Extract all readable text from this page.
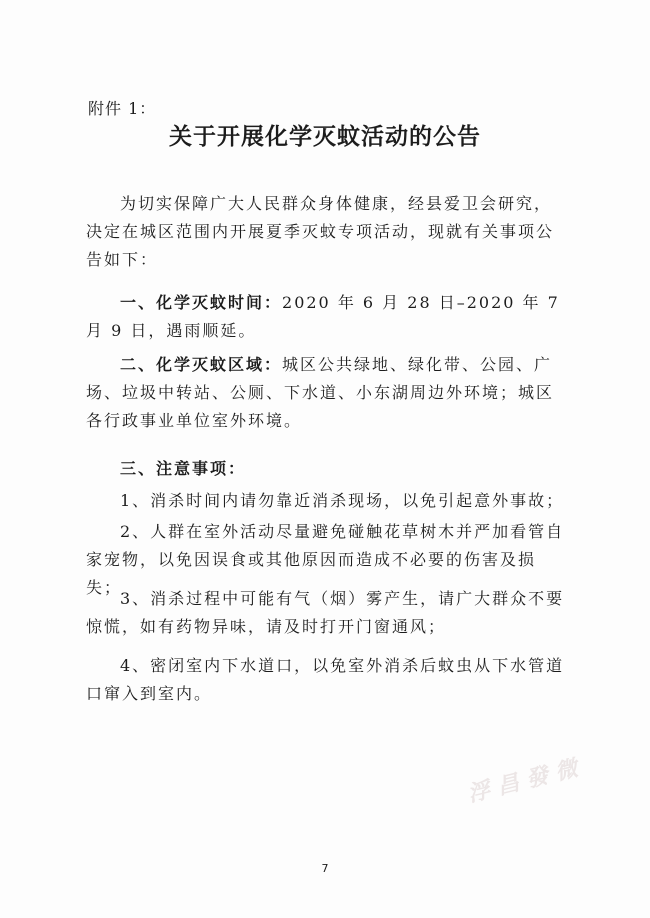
附件 1：
关于开展化学灭蚊活动的公告

为切实保障广大人民群众身体健康，经县爱卫会研究，决定在城区范围内开展夏季灭蚊专项活动，现就有关事项公告如下：

一、化学灭蚊时间：2020 年 6 月 28 日–2020 年 7 月 9 日，遇雨顺延。

二、化学灭蚊区域：城区公共绿地、绿化带、公园、广场、垃圾中转站、公厕、下水道、小东湖周边外环境；城区各行政事业单位室外环境。

三、注意事项：

1、消杀时间内请勿靠近消杀现场，以免引起意外事故；

2、人群在室外活动尽量避免碰触花草树木并严加看管自家宠物，以免因误食或其他原因而造成不必要的伤害及损失；

3、消杀过程中可能有气（烟）雾产生，请广大群众不要惊慌，如有药物异味，请及时打开门窗通风；

4、密闭室内下水道口，以免室外消杀后蚊虫从下水管道口窜入到室内。

浮昌發微
7
